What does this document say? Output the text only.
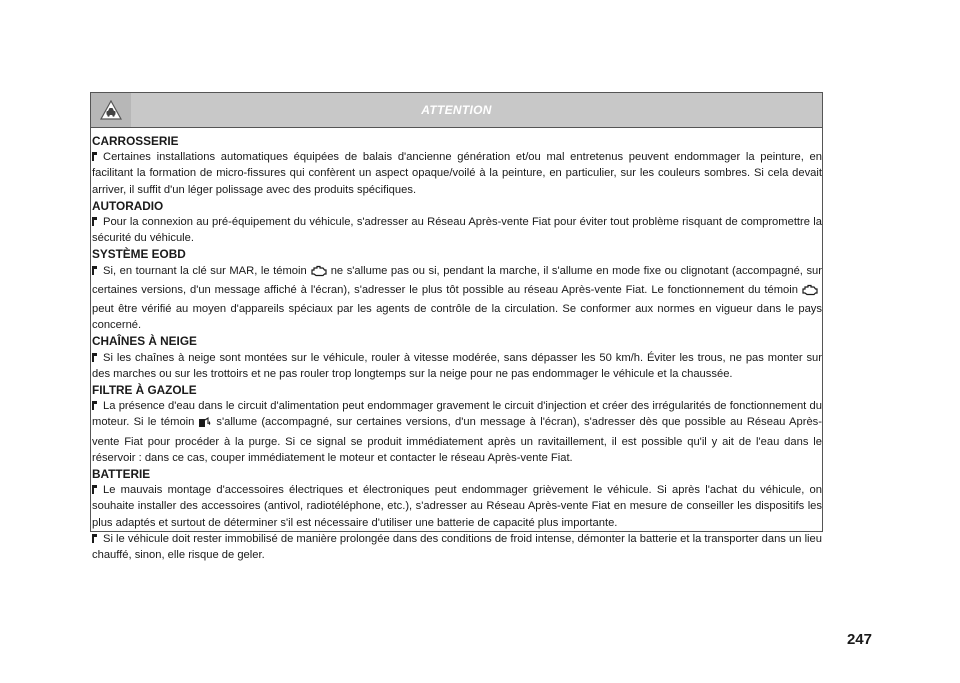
ATTENTION
CARROSSERIE
Certaines installations automatiques équipées de balais d'ancienne génération et/ou mal entretenus peuvent endommager la peinture, en facilitant la formation de micro-fissures qui confèrent un aspect opaque/voilé à la peinture, en particulier, sur les couleurs sombres. Si cela devait arriver, il suffit d'un léger polissage avec des produits spécifiques.
AUTORADIO
Pour la connexion au pré-équipement du véhicule, s'adresser au Réseau Après-vente Fiat pour éviter tout problème risquant de compromettre la sécurité du véhicule.
SYSTÈME EOBD
Si, en tournant la clé sur MAR, le témoin ne s'allume pas ou si, pendant la marche, il s'allume en mode fixe ou clignotant (accompagné, sur certaines versions, d'un message affiché à l'écran), s'adresser le plus tôt possible au réseau Après-vente Fiat. Le fonctionnement du témoinpeut être vérifié au moyen d'appareils spéciaux par les agents de contrôle de la circulation. Se conformer aux normes en vigueur dans le pays concerné.
CHAÎNES À NEIGE
Si les chaînes à neige sont montées sur le véhicule, rouler à vitesse modérée, sans dépasser les 50 km/h. Éviter les trous, ne pas monter sur des marches ou sur les trottoirs et ne pas rouler trop longtemps sur la neige pour ne pas endommager le véhicule et la chaussée.
FILTRE À GAZOLE
La présence d'eau dans le circuit d'alimentation peut endommager gravement le circuit d'injection et créer des irrégularités de fonctionnement du moteur. Si le témoin s'allume (accompagné, sur certaines versions, d'un message à l'écran), s'adresser dès que possible au Réseau Après-vente Fiat pour procéder à la purge. Si ce signal se produit immédiatement après un ravitaillement, il est possible qu'il y ait de l'eau dans le réservoir : dans ce cas, couper immédiatement le moteur et contacter le réseau Après-vente Fiat.
BATTERIE
Le mauvais montage d'accessoires électriques et électroniques peut endommager grièvement le véhicule. Si après l'achat du véhicule, on souhaite installer des accessoires (antivol, radiotéléphone, etc.), s'adresser au Réseau Après-vente Fiat en mesure de conseiller les dispositifs les plus adaptés et surtout de déterminer s'il est nécessaire d'utiliser une batterie de capacité plus importante.
Si le véhicule doit rester immobilisé de manière prolongée dans des conditions de froid intense, démonter la batterie et la transporter dans un lieu chauffé, sinon, elle risque de geler.
247
